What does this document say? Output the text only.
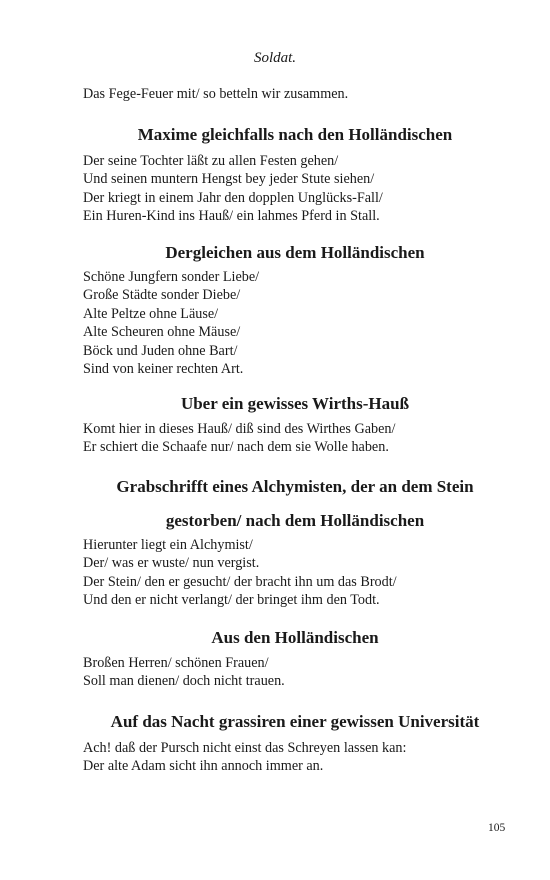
Soldat.
Das Fege-Feuer mit/ so betteln wir zusammen.
Maxime gleichfalls nach den Holländischen
Der seine Tochter läßt zu allen Festen gehen/
Und seinen muntern Hengst bey jeder Stute siehen/
Der kriegt in einem Jahr den dopplen Unglücks-Fall/
Ein Huren-Kind ins Hauß/ ein lahmes Pferd in Stall.
Dergleichen aus dem Holländischen
Schöne Jungfern sonder Liebe/
Große Städte sonder Diebe/
Alte Peltze ohne Läuse/
Alte Scheuren ohne Mäuse/
Böck und Juden ohne Bart/
Sind von keiner rechten Art.
Uber ein gewisses Wirths-Hauß
Komt hier in dieses Hauß/ diß sind des Wirthes Gaben/
Er schiert die Schaafe nur/ nach dem sie Wolle haben.
Grabschrifft eines Alchymisten, der an dem Stein
gestorben/ nach dem Holländischen
Hierunter liegt ein Alchymist/
Der/ was er wuste/ nun vergist.
Der Stein/ den er gesucht/ der bracht ihn um das Brodt/
Und den er nicht verlangt/ der bringet ihm den Todt.
Aus den Holländischen
Broßen Herren/ schönen Frauen/
Soll man dienen/ doch nicht trauen.
Auf das Nacht grassiren einer gewissen Universität
Ach! daß der Pursch nicht einst das Schreyen lassen kan:
Der alte Adam sicht ihn annoch immer an.
105
